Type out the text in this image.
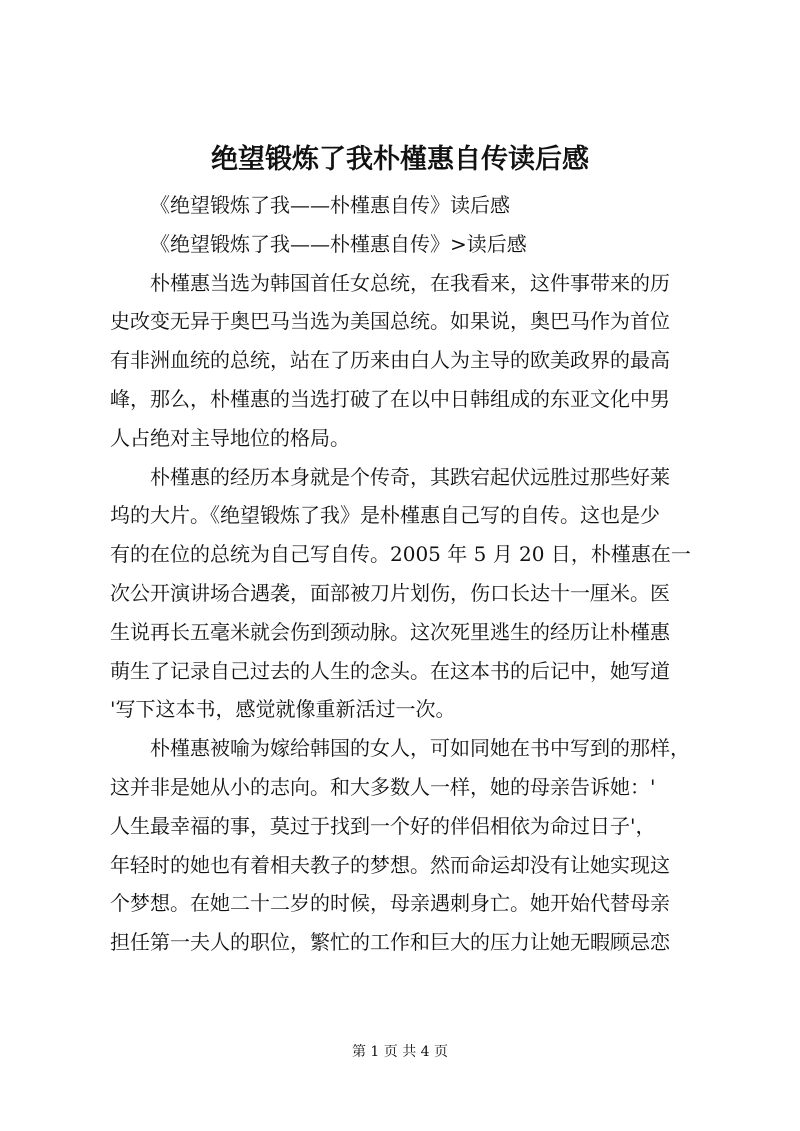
绝望锻炼了我朴槿惠自传读后感
《绝望锻炼了我——朴槿惠自传》读后感
《绝望锻炼了我——朴槿惠自传》>读后感
朴槿惠当选为韩国首任女总统，在我看来，这件事带来的历
史改变无异于奥巴马当选为美国总统。如果说，奥巴马作为首位
有非洲血统的总统，站在了历来由白人为主导的欧美政界的最高
峰，那么，朴槿惠的当选打破了在以中日韩组成的东亚文化中男
人占绝对主导地位的格局。
朴槿惠的经历本身就是个传奇，其跌宕起伏远胜过那些好莱
坞的大片。《绝望锻炼了我》是朴槿惠自己写的自传。这也是少
有的在位的总统为自己写自传。2005 年 5 月 20 日，朴槿惠在一
次公开演讲场合遇袭，面部被刀片划伤，伤口长达十一厘米。医
生说再长五毫米就会伤到颈动脉。这次死里逃生的经历让朴槿惠
萌生了记录自己过去的人生的念头。在这本书的后记中，她写道
'写下这本书，感觉就像重新活过一次。
朴槿惠被喻为嫁给韩国的女人，可如同她在书中写到的那样，
这并非是她从小的志向。和大多数人一样，她的母亲告诉她：'
人生最幸福的事，莫过于找到一个好的伴侣相依为命过日子'，
年轻时的她也有着相夫教子的梦想。然而命运却没有让她实现这
个梦想。在她二十二岁的时候，母亲遇刺身亡。她开始代替母亲
担任第一夫人的职位，繁忙的工作和巨大的压力让她无暇顾忌恋
第 1 页 共 4 页
